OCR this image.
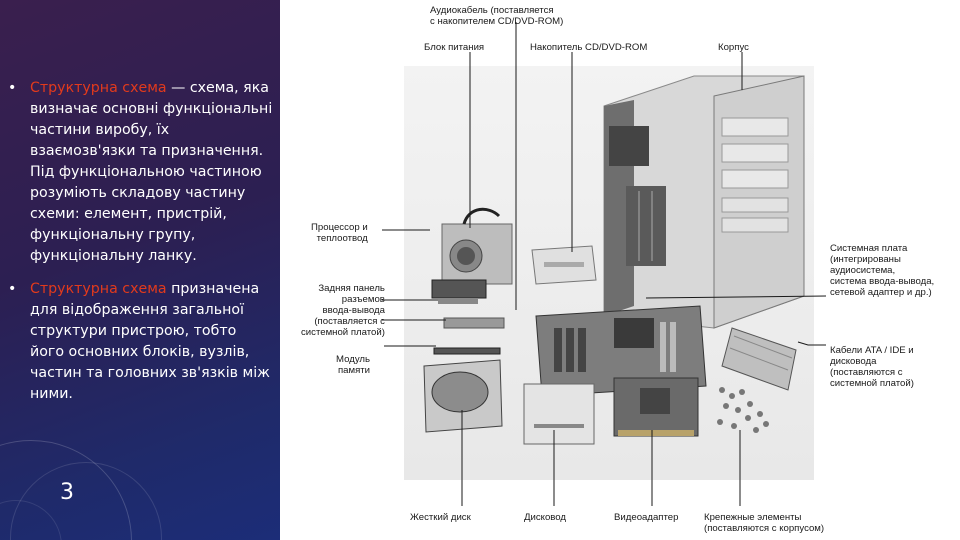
• Структурна схема — схема, яка визначає основні функціональні частини виробу, їх взаємозв'язки та призначення. Під функціональною частиною розуміють складову частину схеми: елемент, пристрій, функціональну групу, функціональну ланку.
• Структурна схема призначена для відображення загальної структури пристрою, тобто його основних блоків, вузлів, частин та головних зв'язків між ними.
3
Аудиокабель (поставляется
с накопителем CD/DVD-ROM)
Блок питания	Накопитель CD/DVD-ROM	Корпус
Процессор и
теплоотвод
Задняя панель
разъемов
ввода-вывода
(поставляется с
системной платой)
Модуль
памяти
Системная плата
(интегрированы
аудиосистема,
система ввода-вывода,
сетевой адаптер и др.)
Кабели ATA / IDE и
дисковода
(поставляются с
системной платой)
Жесткий диск	Дисковод	Видеоадаптер	Крепежные элементы
(поставляются с корпусом)
